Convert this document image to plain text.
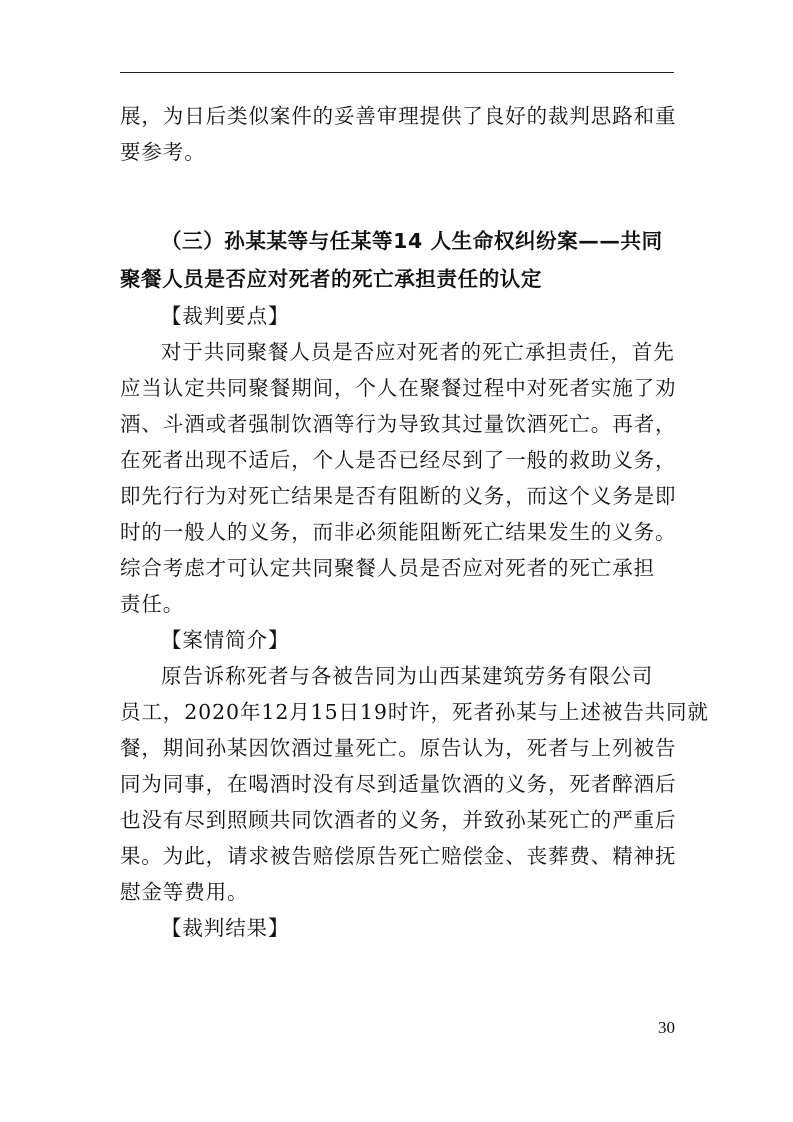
展，为日后类似案件的妥善审理提供了良好的裁判思路和重
要参考。
（三）孙某某等与任某等14 人生命权纠纷案——共同
聚餐人员是否应对死者的死亡承担责任的认定
【裁判要点】
对于共同聚餐人员是否应对死者的死亡承担责任，首先
应当认定共同聚餐期间，个人在聚餐过程中对死者实施了劝
酒、斗酒或者强制饮酒等行为导致其过量饮酒死亡。再者，
在死者出现不适后，个人是否已经尽到了一般的救助义务，
即先行行为对死亡结果是否有阻断的义务，而这个义务是即
时的一般人的义务，而非必须能阻断死亡结果发生的义务。
综合考虑才可认定共同聚餐人员是否应对死者的死亡承担
责任。
【案情简介】
原告诉称死者与各被告同为山西某建筑劳务有限公司
员工，2020年12月15日19时许，死者孙某与上述被告共同就
餐，期间孙某因饮酒过量死亡。原告认为，死者与上列被告
同为同事，在喝酒时没有尽到适量饮酒的义务，死者醉酒后
也没有尽到照顾共同饮酒者的义务，并致孙某死亡的严重后
果。为此，请求被告赔偿原告死亡赔偿金、丧葬费、精神抚
慰金等费用。
【裁判结果】
30
